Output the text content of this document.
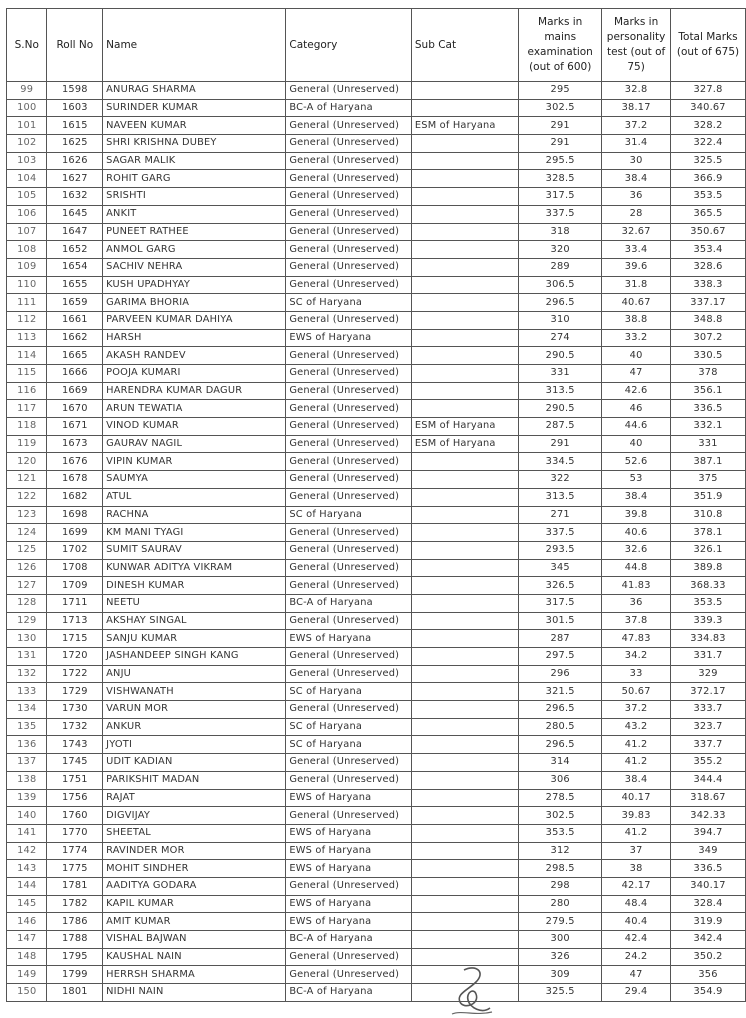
S.No	Roll No	Name	Category	Sub Cat	Marks in mains examination (out of 600)	Marks in personality test (out of 75)	Total Marks (out of 675)
99	1598	ANURAG SHARMA	General (Unreserved)		295	32.8	327.8
100	1603	SURINDER KUMAR	BC-A of Haryana		302.5	38.17	340.67
101	1615	NAVEEN KUMAR	General (Unreserved)	ESM of Haryana	291	37.2	328.2
102	1625	SHRI KRISHNA DUBEY	General (Unreserved)		291	31.4	322.4
103	1626	SAGAR MALIK	General (Unreserved)		295.5	30	325.5
104	1627	ROHIT GARG	General (Unreserved)		328.5	38.4	366.9
105	1632	SRISHTI	General (Unreserved)		317.5	36	353.5
106	1645	ANKIT	General (Unreserved)		337.5	28	365.5
107	1647	PUNEET RATHEE	General (Unreserved)		318	32.67	350.67
108	1652	ANMOL GARG	General (Unreserved)		320	33.4	353.4
109	1654	SACHIV NEHRA	General (Unreserved)		289	39.6	328.6
110	1655	KUSH UPADHYAY	General (Unreserved)		306.5	31.8	338.3
111	1659	GARIMA BHORIA	SC of Haryana		296.5	40.67	337.17
112	1661	PARVEEN KUMAR DAHIYA	General (Unreserved)		310	38.8	348.8
113	1662	HARSH	EWS of Haryana		274	33.2	307.2
114	1665	AKASH RANDEV	General (Unreserved)		290.5	40	330.5
115	1666	POOJA KUMARI	General (Unreserved)		331	47	378
116	1669	HARENDRA KUMAR DAGUR	General (Unreserved)		313.5	42.6	356.1
117	1670	ARUN TEWATIA	General (Unreserved)		290.5	46	336.5
118	1671	VINOD KUMAR	General (Unreserved)	ESM of Haryana	287.5	44.6	332.1
119	1673	GAURAV NAGIL	General (Unreserved)	ESM of Haryana	291	40	331
120	1676	VIPIN KUMAR	General (Unreserved)		334.5	52.6	387.1
121	1678	SAUMYA	General (Unreserved)		322	53	375
122	1682	ATUL	General (Unreserved)		313.5	38.4	351.9
123	1698	RACHNA	SC of Haryana		271	39.8	310.8
124	1699	KM MANI TYAGI	General (Unreserved)		337.5	40.6	378.1
125	1702	SUMIT SAURAV	General (Unreserved)		293.5	32.6	326.1
126	1708	KUNWAR ADITYA VIKRAM	General (Unreserved)		345	44.8	389.8
127	1709	DINESH KUMAR	General (Unreserved)		326.5	41.83	368.33
128	1711	NEETU	BC-A of Haryana		317.5	36	353.5
129	1713	AKSHAY SINGAL	General (Unreserved)		301.5	37.8	339.3
130	1715	SANJU KUMAR	EWS of Haryana		287	47.83	334.83
131	1720	JASHANDEEP SINGH KANG	General (Unreserved)		297.5	34.2	331.7
132	1722	ANJU	General (Unreserved)		296	33	329
133	1729	VISHWANATH	SC of Haryana		321.5	50.67	372.17
134	1730	VARUN MOR	General (Unreserved)		296.5	37.2	333.7
135	1732	ANKUR	SC of Haryana		280.5	43.2	323.7
136	1743	JYOTI	SC of Haryana		296.5	41.2	337.7
137	1745	UDIT KADIAN	General (Unreserved)		314	41.2	355.2
138	1751	PARIKSHIT MADAN	General (Unreserved)		306	38.4	344.4
139	1756	RAJAT	EWS of Haryana		278.5	40.17	318.67
140	1760	DIGVIJAY	General (Unreserved)		302.5	39.83	342.33
141	1770	SHEETAL	EWS of Haryana		353.5	41.2	394.7
142	1774	RAVINDER MOR	EWS of Haryana		312	37	349
143	1775	MOHIT SINDHER	EWS of Haryana		298.5	38	336.5
144	1781	AADITYA GODARA	General (Unreserved)		298	42.17	340.17
145	1782	KAPIL KUMAR	EWS of Haryana		280	48.4	328.4
146	1786	AMIT KUMAR	EWS of Haryana		279.5	40.4	319.9
147	1788	VISHAL BAJWAN	BC-A of Haryana		300	42.4	342.4
148	1795	KAUSHAL NAIN	General (Unreserved)		326	24.2	350.2
149	1799	HERRSH SHARMA	General (Unreserved)		309	47	356
150	1801	NIDHI NAIN	BC-A of Haryana		325.5	29.4	354.9
